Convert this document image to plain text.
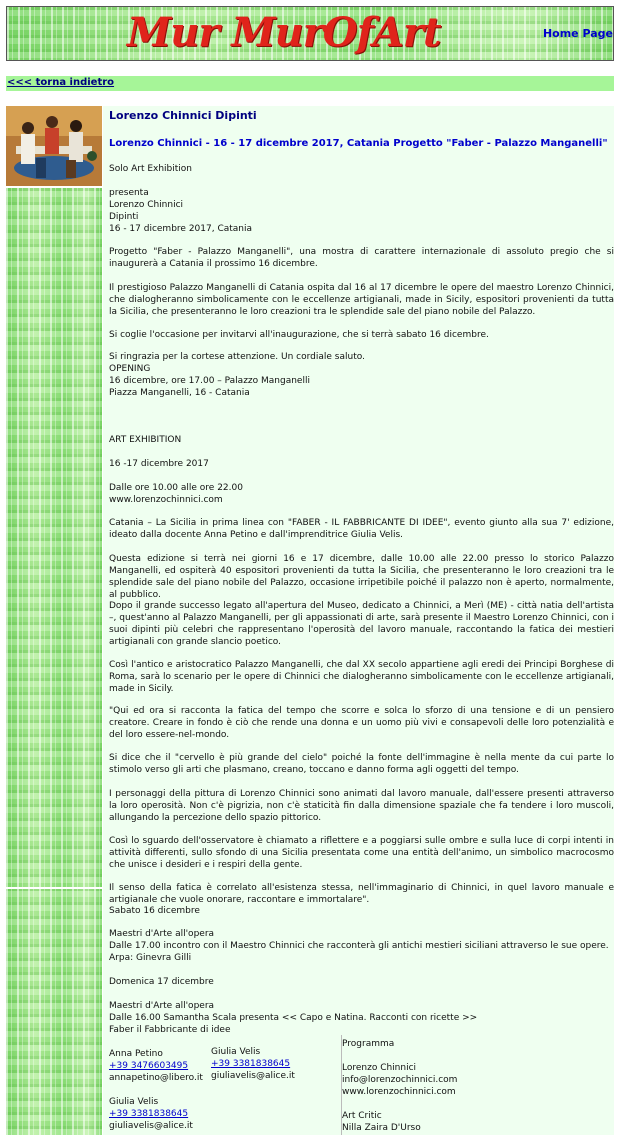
Mur MurOfArt	Home Page
<<< torna indietro
Lorenzo Chinnici Dipinti
Lorenzo Chinnici - 16 - 17 dicembre 2017, Catania Progetto "Faber - Palazzo Manganelli"
Solo Art Exhibition
presenta
Lorenzo Chinnici
Dipinti
16 - 17 dicembre 2017, Catania
Progetto "Faber - Palazzo Manganelli", una mostra di carattere internazionale di assoluto pregio che si inaugurerà a Catania il prossimo 16 dicembre.
Il prestigioso Palazzo Manganelli di Catania ospita dal 16 al 17 dicembre le opere del maestro Lorenzo Chinnici, che dialogheranno simbolicamente con le eccellenze artigianali, made in Sicily, espositori provenienti da tutta la Sicilia, che presenteranno le loro creazioni tra le splendide sale del piano nobile del Palazzo.
Si coglie l'occasione per invitarvi all'inaugurazione, che si terrà sabato 16 dicembre.
Si ringrazia per la cortese attenzione. Un cordiale saluto.
OPENING
16 dicembre, ore 17.00 – Palazzo Manganelli
Piazza Manganelli, 16 - Catania
ART EXHIBITION
16 -17 dicembre 2017
Dalle ore 10.00 alle ore 22.00
www.lorenzochinnici.com
Catania – La Sicilia in prima linea con "FABER - IL FABBRICANTE DI IDEE", evento giunto alla sua 7' edizione, ideato dalla docente Anna Petino e dall'imprenditrice Giulia Velis.
Questa edizione si terrà nei giorni 16 e 17 dicembre, dalle 10.00 alle 22.00 presso lo storico Palazzo Manganelli, ed ospiterà 40 espositori provenienti da tutta la Sicilia, che presenteranno le loro creazioni tra le splendide sale del piano nobile del Palazzo, occasione irripetibile poiché il palazzo non è aperto, normalmente, al pubblico.
Dopo il grande successo legato all'apertura del Museo, dedicato a Chinnici, a Merì (ME) - città natia dell'artista –, quest'anno al Palazzo Manganelli, per gli appassionati di arte, sarà presente il Maestro Lorenzo Chinnici, con i suoi dipinti più celebri che rappresentano l'operosità del lavoro manuale, raccontando la fatica dei mestieri artigianali con grande slancio poetico.
Così l'antico e aristocratico Palazzo Manganelli, che dal XX secolo appartiene agli eredi dei Principi Borghese di Roma, sarà lo scenario per le opere di Chinnici che dialogheranno simbolicamente con le eccellenze artigianali, made in Sicily.
"Qui ed ora si racconta la fatica del tempo che scorre e solca lo sforzo di una tensione e di un pensiero creatore. Creare in fondo è ciò che rende una donna e un uomo più vivi e consapevoli delle loro potenzialità e del loro essere-nel-mondo.
Si dice che il "cervello è più grande del cielo" poiché la fonte dell'immagine è nella mente da cui parte lo stimolo verso gli arti che plasmano, creano, toccano e danno forma agli oggetti del tempo.
I personaggi della pittura di Lorenzo Chinnici sono animati dal lavoro manuale, dall'essere presenti attraverso la loro operosità. Non c'è pigrizia, non c'è staticità fin dalla dimensione spaziale che fa tendere i loro muscoli, allungando la percezione dello spazio pittorico.
Così lo sguardo dell'osservatore è chiamato a riflettere e a poggiarsi sulle ombre e sulla luce di corpi intenti in attività differenti, sullo sfondo di una Sicilia presentata come una entità dell'animo, un simbolico macrocosmo che unisce i desideri e i respiri della gente.
Il senso della fatica è correlato all'esistenza stessa, nell'immaginario di Chinnici, in quel lavoro manuale e artigianale che vuole onorare, raccontare e immortalare".
Sabato 16 dicembre
Maestri d'Arte all'opera
Dalle 17.00 incontro con il Maestro Chinnici che racconterà gli antichi mestieri siciliani attraverso le sue opere.
Arpa: Ginevra Gilli
Domenica 17 dicembre
Maestri d'Arte all'opera
Dalle 16.00 Samantha Scala presenta << Capo e Natina. Racconti con ricette >>
Faber il Fabbricante di idee
Anna Petino
+39 3476603495
annapetino@libero.it
Giulia Velis
+39 3381838645
giuliavelis@alice.it
Giulia Velis
+39 3381838645
giuliavelis@alice.it
Programma
Lorenzo Chinnici
info@lorenzochinnici.com
www.lorenzochinnici.com
Art Critic
Nilla Zaira D'Urso
